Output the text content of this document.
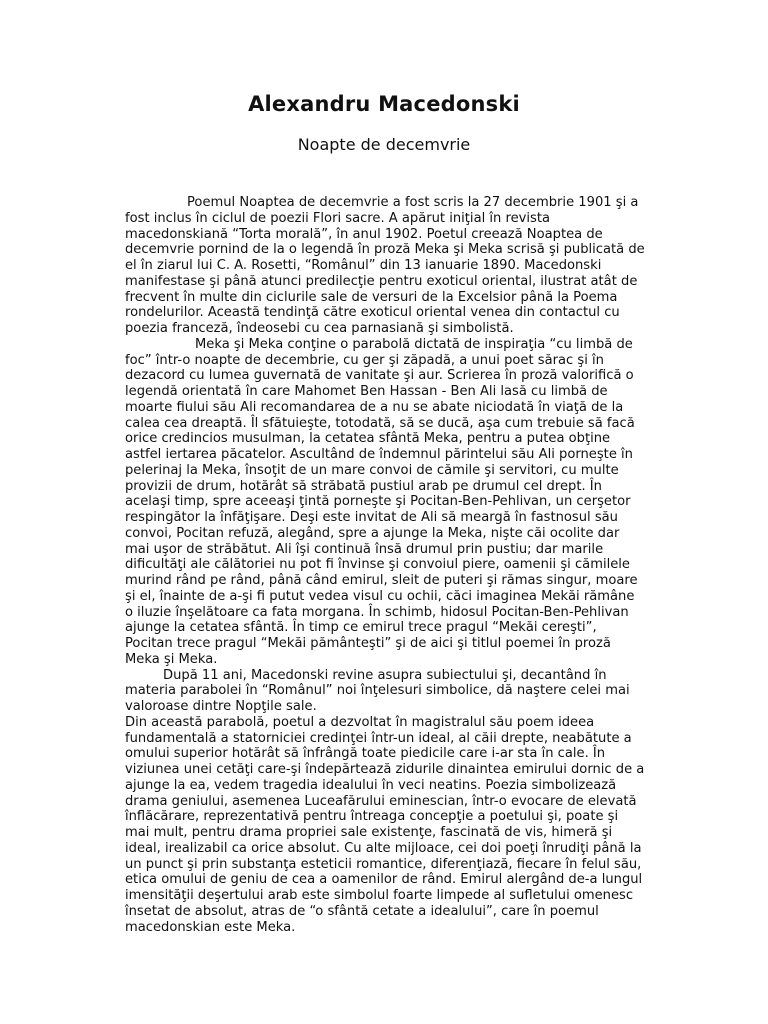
Alexandru Macedonski
Noapte de decemvrie

Poemul Noaptea de decemvrie a fost scris la 27 decembrie 1901 şi a fost inclus în ciclul de poezii Flori sacre. A apărut iniţial în revista macedonskiană “Torta morală”, în anul 1902. Poetul creează Noaptea de decemvrie pornind de la o legendă în proză Meka şi Meka scrisă şi publicată de el în ziarul lui C. A. Rosetti, “Românul” din 13 ianuarie 1890. Macedonski manifestase şi până atunci predilecţie pentru exoticul oriental, ilustrat atât de frecvent în multe din ciclurile sale de versuri de la Excelsior până la Poema rondelurilor. Această tendinţă către exoticul oriental venea din contactul cu poezia franceză, îndeosebi cu cea parnasiană şi simbolistă.

Meka şi Meka conţine o parabolă dictată de inspiraţia “cu limbă de foc” într-o noapte de decembrie, cu ger şi zăpadă, a unui poet sărac şi în dezacord cu lumea guvernată de vanitate şi aur. Scrierea în proză valorifică o legendă orientată în care Mahomet Ben Hassan - Ben Ali lasă cu limbă de moarte fiului său Ali recomandarea de a nu se abate niciodată în viaţă de la calea cea dreaptă. Îl sfătuieşte, totodată, să se ducă, aşa cum trebuie să facă orice credincios musulman, la cetatea sfântă Meka, pentru a putea obţine astfel iertarea păcatelor. Ascultând de îndemnul părintelui său Ali porneşte în pelerinaj la Meka, însoţit de un mare convoi de cămile şi servitori, cu multe provizii de drum, hotărât să străbată pustiul arab pe drumul cel drept. În acelaşi timp, spre aceeaşi ţintă porneşte şi Pocitan-Ben-Pehlivan, un cerşetor respingător la înfăţişare. Deşi este invitat de Ali să meargă în fastnosul său convoi, Pocitan refuză, alegând, spre a ajunge la Meka, nişte căi ocolite dar mai uşor de străbătut. Ali îşi continuă însă drumul prin pustiu; dar marile dificultăţi ale călătoriei nu pot fi învinse şi convoiul piere, oamenii şi cămilele murind rând pe rând, până când emirul, sleit de puteri şi rămas singur, moare şi el, înainte de a-şi fi putut vedea visul cu ochii, căci imaginea Mekăi rămâne o iluzie înşelătoare ca fata morgana. În schimb, hidosul Pocitan-Ben-Pehlivan ajunge la cetatea sfântă. În timp ce emirul trece pragul “Mekăi cereşti”, Pocitan trece pragul “Mekăi pământeşti” şi de aici şi titlul poemei în proză Meka şi Meka.

După 11 ani, Macedonski revine asupra subiectului şi, decantând în materia parabolei în “Românul” noi înţelesuri simbolice, dă naştere celei mai valoroase dintre Nopţile sale.

Din această parabolă, poetul a dezvoltat în magistralul său poem ideea fundamentală a statorniciei credinţei într-un ideal, al căii drepte, neabătute a omului superior hotărât să înfrângă toate piedicile care i-ar sta în cale. În viziunea unei cetăţi care-şi îndepărtează zidurile dinaintea emirului dornic de a ajunge la ea, vedem tragedia idealului în veci neatins. Poezia simbolizează drama geniului, asemenea Luceafărului eminescian, într-o evocare de elevată înflăcărare, reprezentativă pentru întreaga concepţie a poetului şi, poate şi mai mult, pentru drama propriei sale existenţe, fascinată de vis, himeră şi ideal, irealizabil ca orice absolut. Cu alte mijloace, cei doi poeţi înrudiţi până la un punct şi prin substanţa esteticii romantice, diferenţiază, fiecare în felul său, etica omului de geniu de cea a oamenilor de rând. Emirul alergând de-a lungul imensităţii deşertului arab este simbolul foarte limpede al sufletului omenesc însetat de absolut, atras de “o sfântă cetate a idealului”, care în poemul macedonskian este Meka.
